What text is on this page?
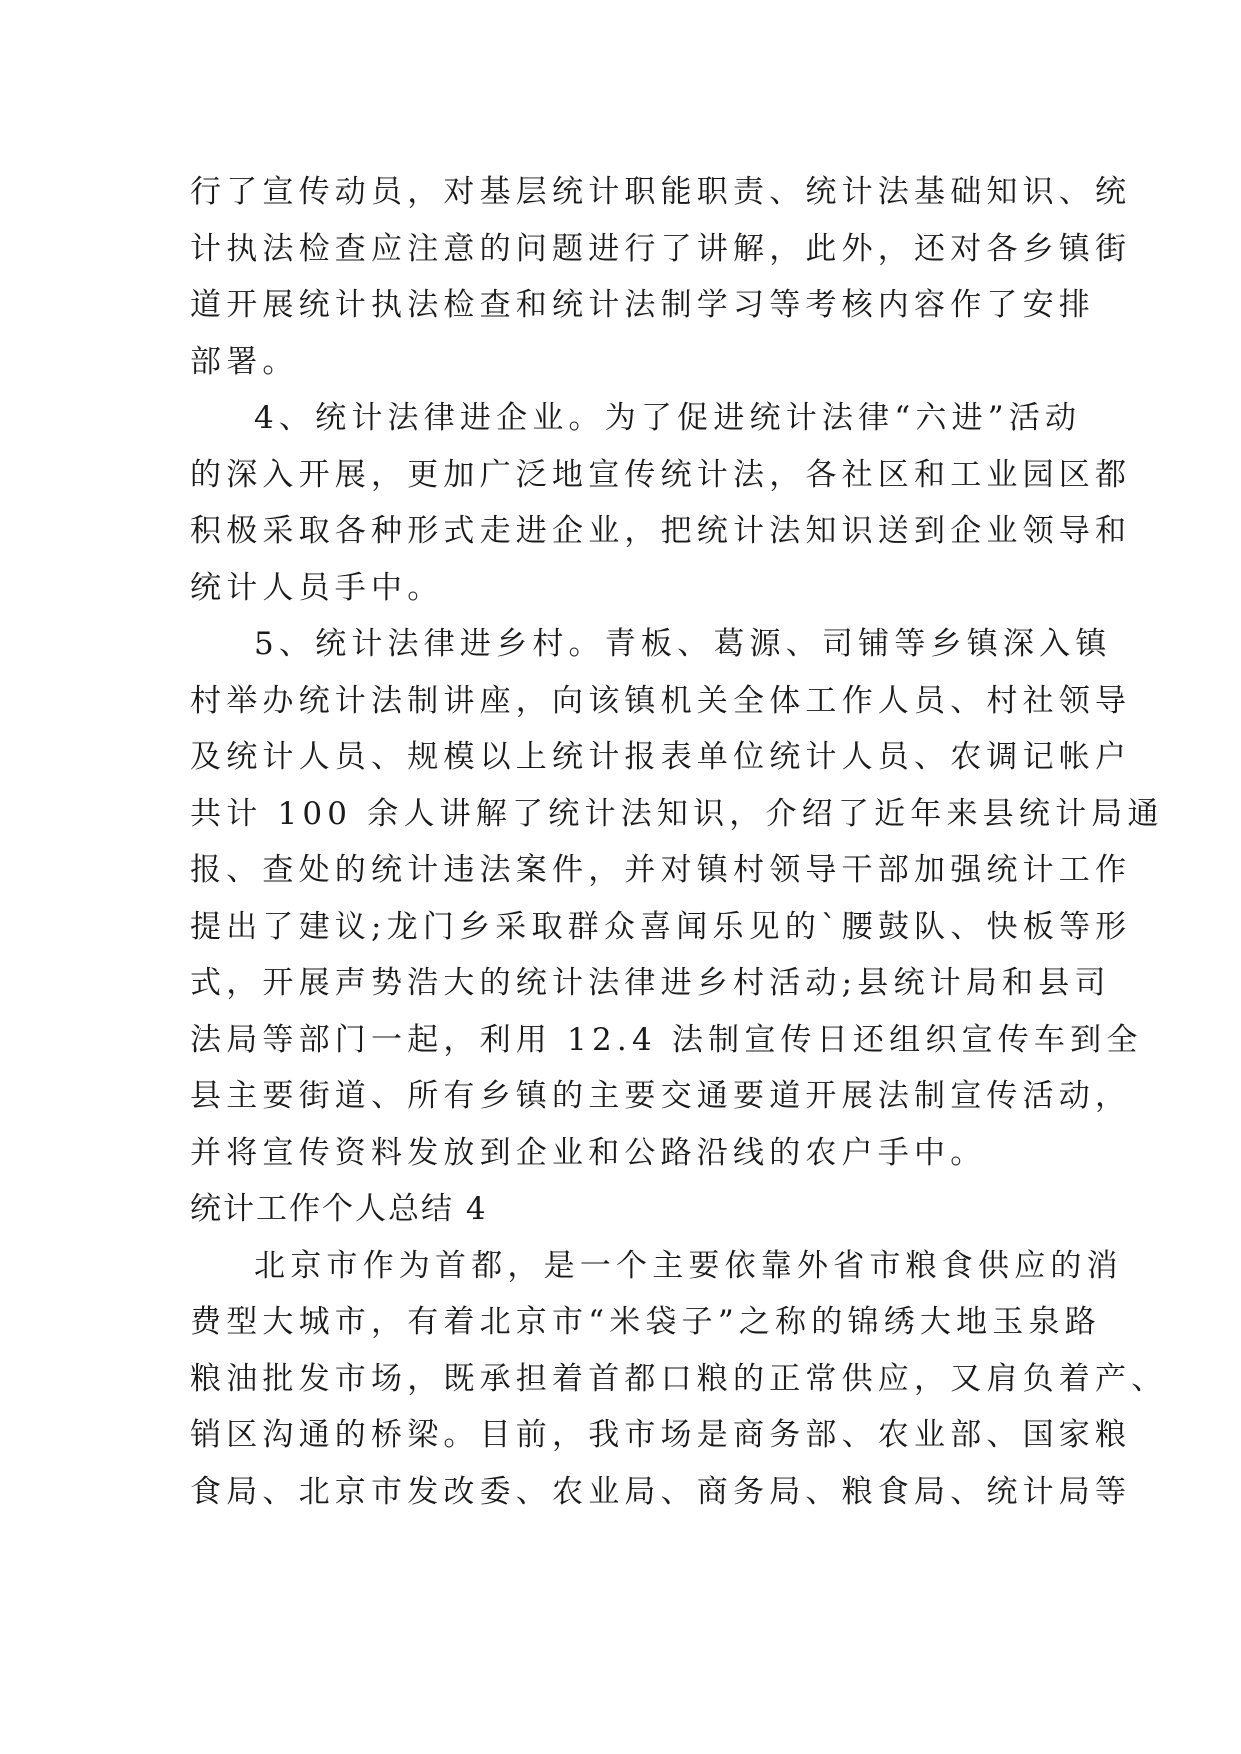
行了宣传动员，对基层统计职能职责、统计法基础知识、统
计执法检查应注意的问题进行了讲解，此外，还对各乡镇街
道开展统计执法检查和统计法制学习等考核内容作了安排
部署。
4、统计法律进企业。为了促进统计法律“六进”活动
的深入开展，更加广泛地宣传统计法，各社区和工业园区都
积极采取各种形式走进企业，把统计法知识送到企业领导和
统计人员手中。
5、统计法律进乡村。青板、葛源、司铺等乡镇深入镇
村举办统计法制讲座，向该镇机关全体工作人员、村社领导
及统计人员、规模以上统计报表单位统计人员、农调记帐户
共计 100 余人讲解了统计法知识，介绍了近年来县统计局通
报、查处的统计违法案件，并对镇村领导干部加强统计工作
提出了建议;龙门乡采取群众喜闻乐见的`腰鼓队、快板等形
式，开展声势浩大的统计法律进乡村活动;县统计局和县司
法局等部门一起，利用 12.4 法制宣传日还组织宣传车到全
县主要街道、所有乡镇的主要交通要道开展法制宣传活动，
并将宣传资料发放到企业和公路沿线的农户手中。
统计工作个人总结 4
北京市作为首都，是一个主要依靠外省市粮食供应的消
费型大城市，有着北京市“米袋子”之称的锦绣大地玉泉路
粮油批发市场，既承担着首都口粮的正常供应，又肩负着产、
销区沟通的桥梁。目前，我市场是商务部、农业部、国家粮
食局、北京市发改委、农业局、商务局、粮食局、统计局等
